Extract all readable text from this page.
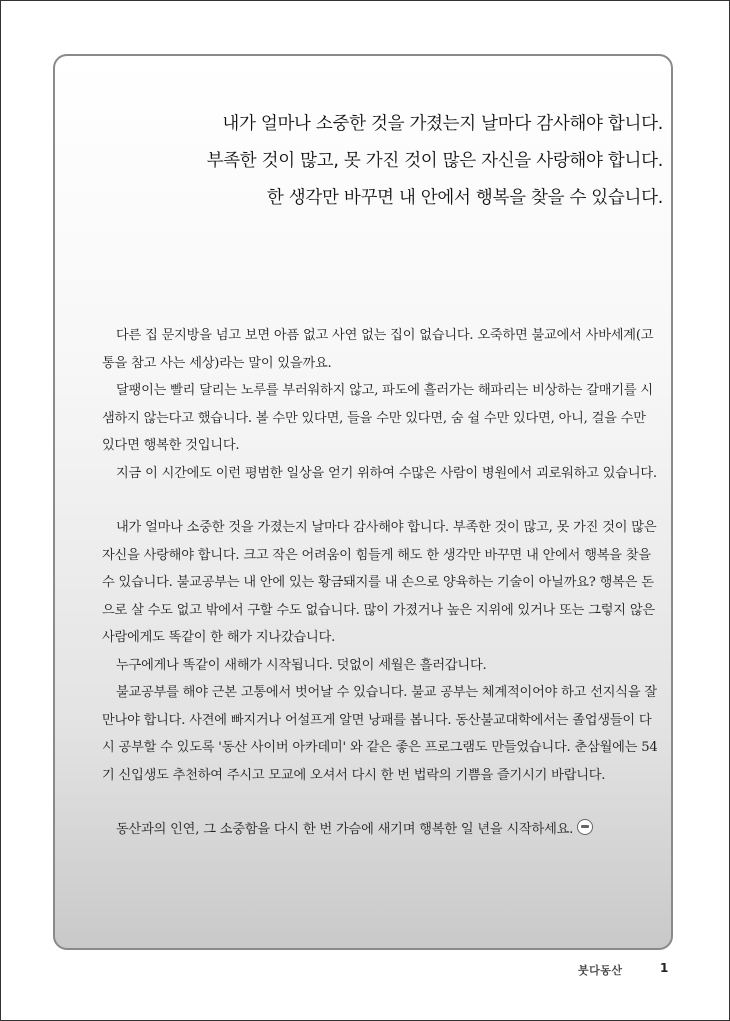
내가 얼마나 소중한 것을 가졌는지 날마다 감사해야 합니다.
부족한 것이 많고, 못 가진 것이 많은 자신을 사랑해야 합니다.
한 생각만 바꾸면 내 안에서 행복을 찾을 수 있습니다.

다른 집 문지방을 넘고 보면 아픔 없고 사연 없는 집이 없습니다. 오죽하면 불교에서 사바세계(고통을 참고 사는 세상)라는 말이 있을까요.

달팽이는 빨리 달리는 노루를 부러워하지 않고, 파도에 흘러가는 해파리는 비상하는 갈매기를 시샘하지 않는다고 했습니다. 볼 수만 있다면, 들을 수만 있다면, 숨 쉴 수만 있다면, 아니, 걸을 수만 있다면 행복한 것입니다.

지금 이 시간에도 이런 평범한 일상을 얻기 위하여 수많은 사람이 병원에서 괴로워하고 있습니다.

내가 얼마나 소중한 것을 가졌는지 날마다 감사해야 합니다. 부족한 것이 많고, 못 가진 것이 많은 자신을 사랑해야 합니다. 크고 작은 어려움이 힘들게 해도 한 생각만 바꾸면 내 안에서 행복을 찾을 수 있습니다. 불교공부는 내 안에 있는 황금돼지를 내 손으로 양육하는 기술이 아닐까요? 행복은 돈으로 살 수도 없고 밖에서 구할 수도 없습니다. 많이 가졌거나 높은 지위에 있거나 또는 그렇지 않은 사람에게도 똑같이 한 해가 지나갔습니다.

누구에게나 똑같이 새해가 시작됩니다. 덧없이 세월은 흘러갑니다.

불교공부를 해야 근본 고통에서 벗어날 수 있습니다. 불교 공부는 체계적이어야 하고 선지식을 잘 만나야 합니다. 사견에 빠지거나 어설프게 알면 낭패를 봅니다. 동산불교대학에서는 졸업생들이 다시 공부할 수 있도록 '동산 사이버 아카데미' 와 같은 좋은 프로그램도 만들었습니다. 춘삼월에는 54기 신입생도 추천하여 주시고 모교에 오셔서 다시 한 번 법락의 기쁨을 즐기시기 바랍니다.

동산과의 인연, 그 소중함을 다시 한 번 가슴에 새기며 행복한 일 년을 시작하세요.

붓다동산	1
